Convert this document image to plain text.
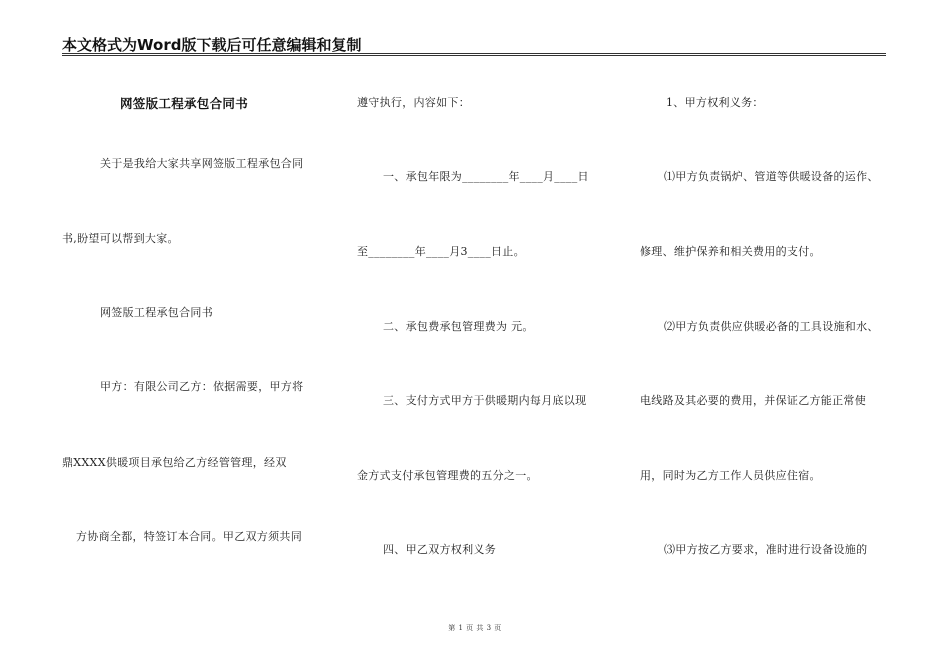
本文格式为Word版下载后可任意编辑和复制
网签版工程承包合同书
关于是我给大家共享网签版工程承包合同
书,盼望可以帮到大家。
网签版工程承包合同书
甲方：有限公司乙方：依据需要，甲方将
鼎XXXX供暖项目承包给乙方经管管理，经双
方协商全都，特签订本合同。甲乙双方须共同
遵守执行，内容如下：
一、承包年限为________年____月____日
至________年____月3____日止。
二、承包费承包管理费为 元。
三、支付方式甲方于供暖期内每月底以现
金方式支付承包管理费的五分之一。
四、甲乙双方权利义务
1、甲方权利义务：
⑴甲方负责锅炉、管道等供暖设备的运作、
修理、维护保养和相关费用的支付。
⑵甲方负责供应供暖必备的工具设施和水、
电线路及其必要的费用，并保证乙方能正常使
用，同时为乙方工作人员供应住宿。
⑶甲方按乙方要求，准时进行设备设施的
第 1 页 共 3 页
